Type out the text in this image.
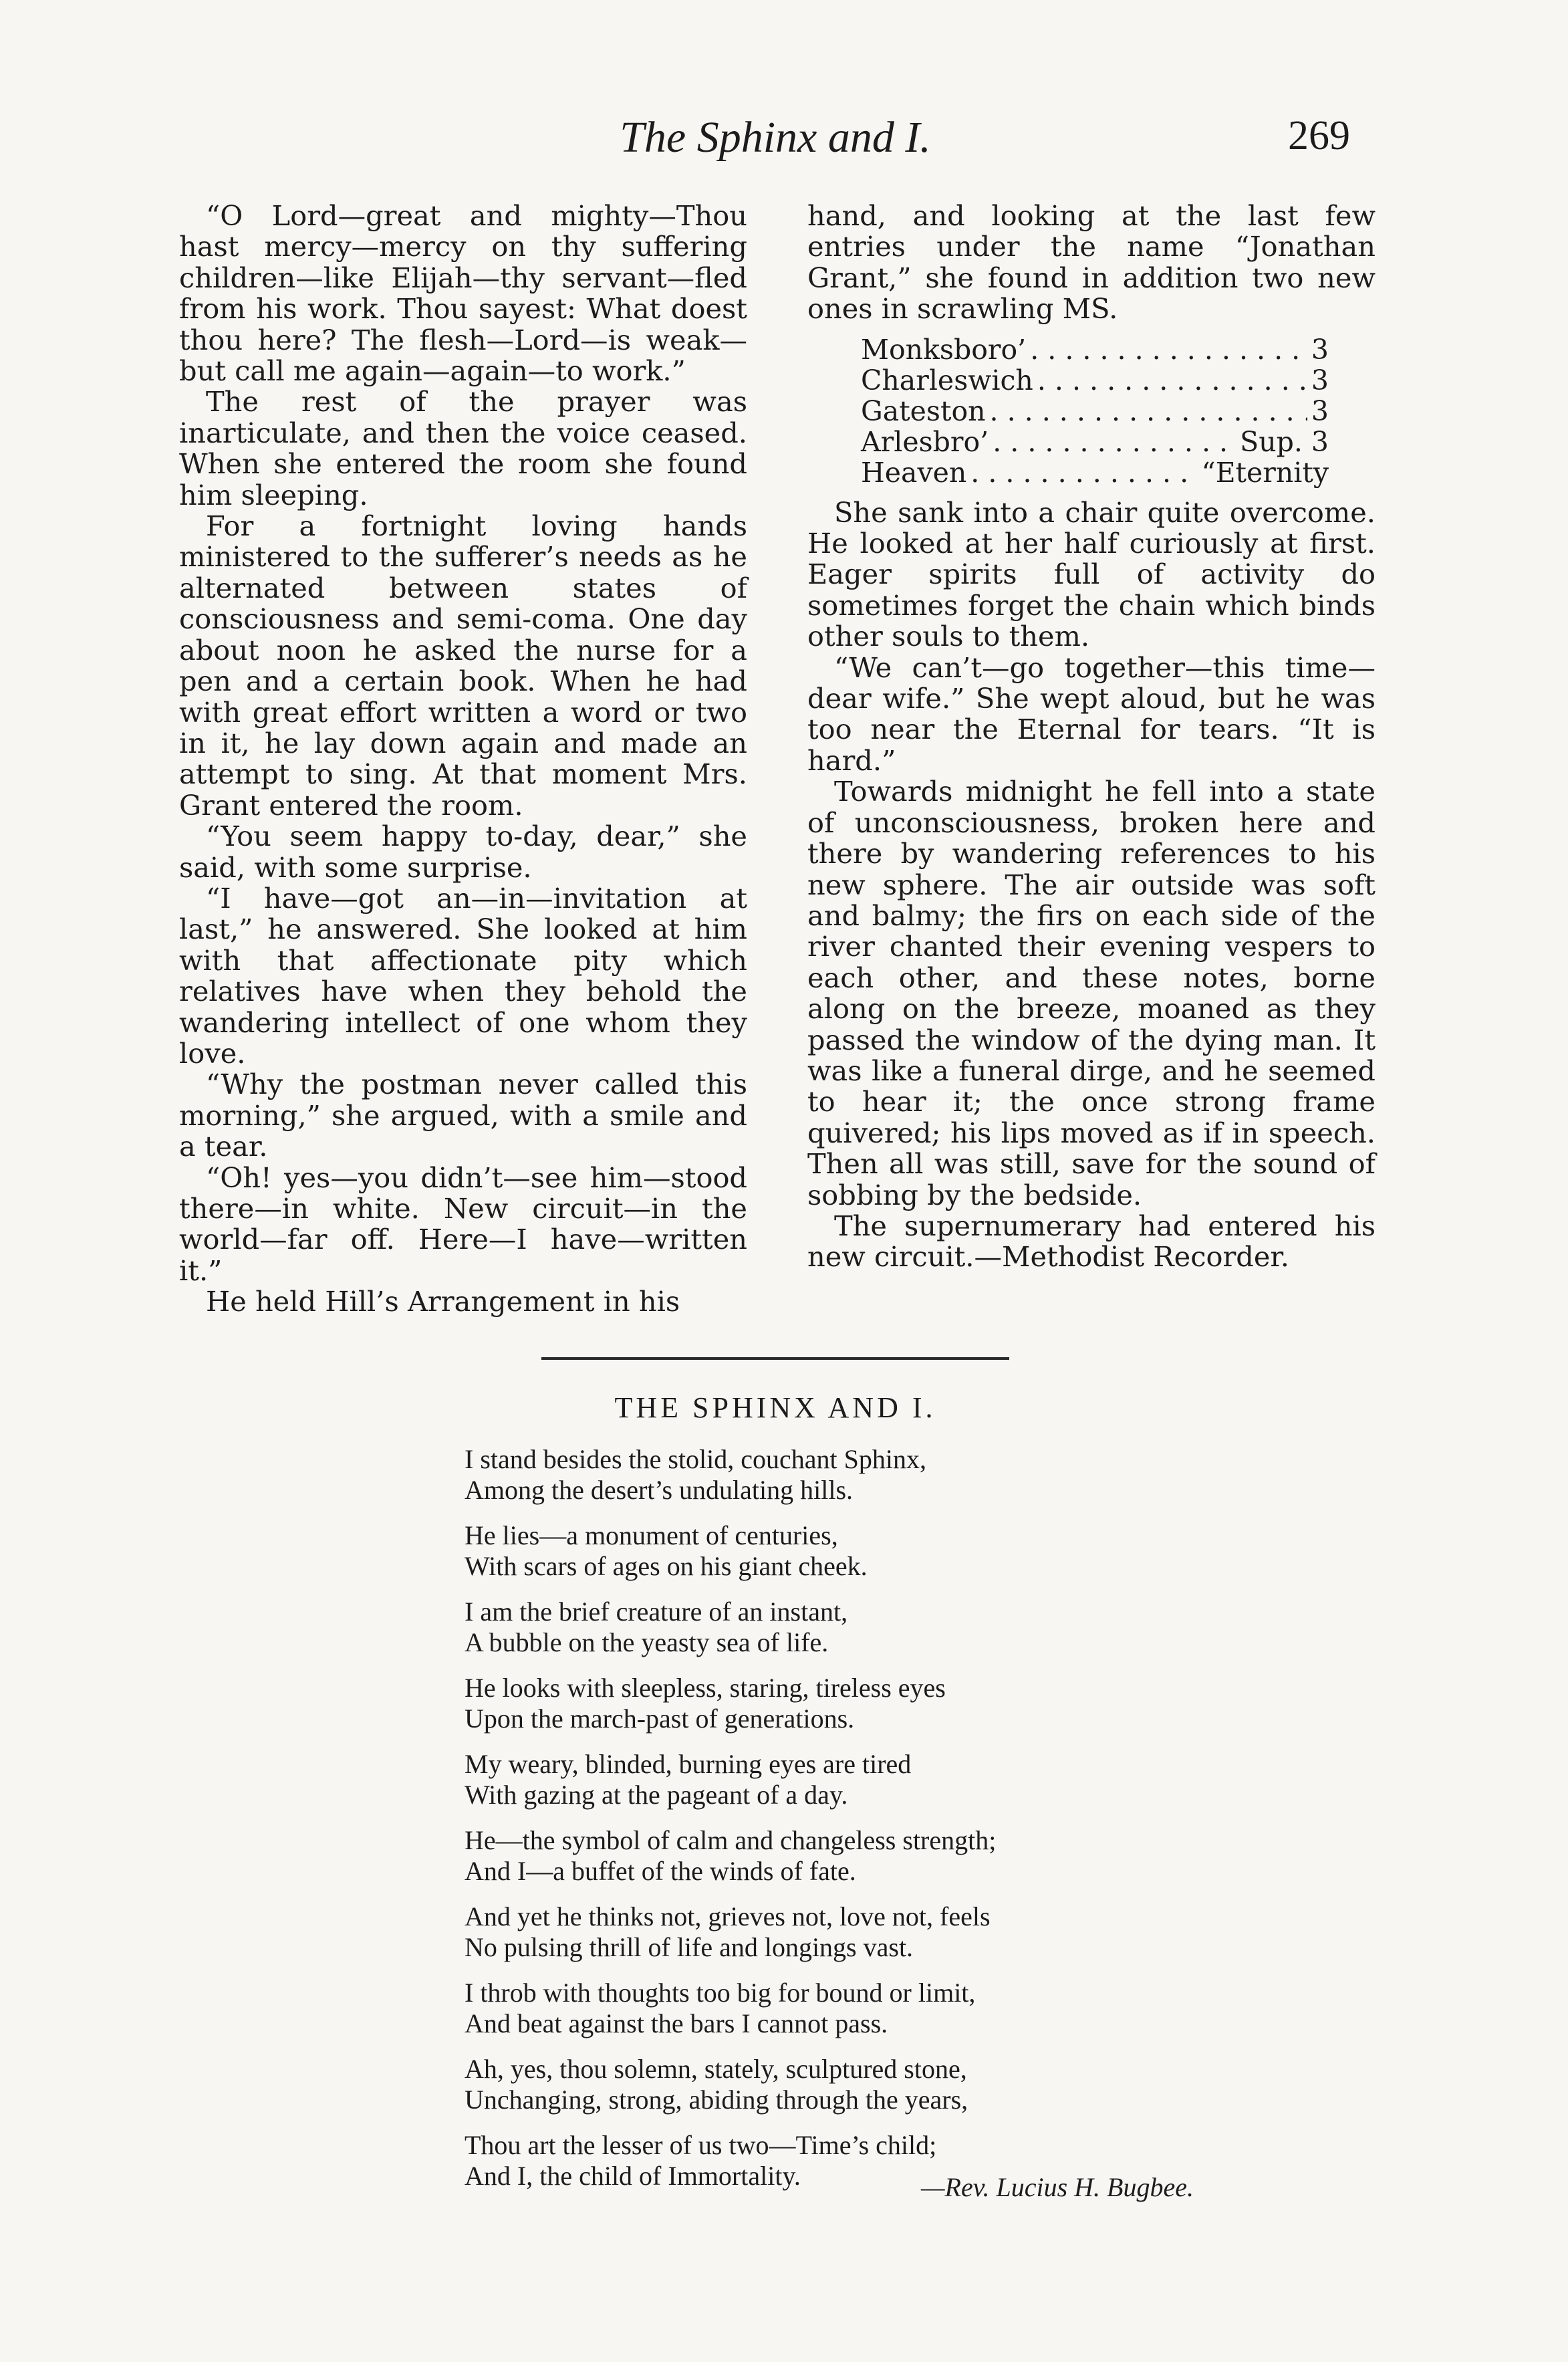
The Sphinx and I.	269

“O Lord—great and mighty—Thou hast mercy—mercy on thy suffering children—like Elijah—thy servant—fled from his work. Thou sayest: What doest thou here? The flesh—Lord—is weak—but call me again—again—to work.”

The rest of the prayer was inarticulate, and then the voice ceased. When she entered the room she found him sleeping.

For a fortnight loving hands ministered to the sufferer’s needs as he alternated between states of consciousness and semi-coma. One day about noon he asked the nurse for a pen and a certain book. When he had with great effort written a word or two in it, he lay down again and made an attempt to sing. At that moment Mrs. Grant entered the room.

“You seem happy to-day, dear,” she said, with some surprise.

“I have—got an—in—invitation at last,” he answered. She looked at him with that affectionate pity which relatives have when they behold the wandering intellect of one whom they love.

“Why the postman never called this morning,” she argued, with a smile and a tear.

“Oh! yes—you didn’t—see him—stood there—in white. New circuit—in the world—far off. Here—I have—written it.”

He held Hill’s Arrangement in his

hand, and looking at the last few entries under the name “Jonathan Grant,” she found in addition two new ones in scrawling MS.

Monksboro’ . . .	3
Charleswich . . .	3
Gateston . . .	3
Arlesbro’ . . .	Sup. 3
Heaven . . .	“Eternity

She sank into a chair quite overcome. He looked at her half curiously at first. Eager spirits full of activity do sometimes forget the chain which binds other souls to them.

“We can’t—go together—this time—dear wife.” She wept aloud, but he was too near the Eternal for tears. “It is hard.”

Towards midnight he fell into a state of unconsciousness, broken here and there by wandering references to his new sphere. The air outside was soft and balmy; the firs on each side of the river chanted their evening vespers to each other, and these notes, borne along on the breeze, moaned as they passed the window of the dying man. It was like a funeral dirge, and he seemed to hear it; the once strong frame quivered; his lips moved as if in speech. Then all was still, save for the sound of sobbing by the bedside.

The supernumerary had entered his new circuit.—Methodist Recorder.

THE SPHINX AND I.
I stand besides the stolid, couchant Sphinx,
Among the desert’s undulating hills.
He lies—a monument of centuries,
With scars of ages on his giant cheek.
I am the brief creature of an instant,
A bubble on the yeasty sea of life.
He looks with sleepless, staring, tireless eyes
Upon the march-past of generations.
My weary, blinded, burning eyes are tired
With gazing at the pageant of a day.
He—the symbol of calm and changeless strength;
And I—a buffet of the winds of fate.
And yet he thinks not, grieves not, love not, feels
No pulsing thrill of life and longings vast.
I throb with thoughts too big for bound or limit,
And beat against the bars I cannot pass.
Ah, yes, thou solemn, stately, sculptured stone,
Unchanging, strong, abiding through the years,
Thou art the lesser of us two—Time’s child;
And I, the child of Immortality.	—Rev. Lucius H. Bugbee.
